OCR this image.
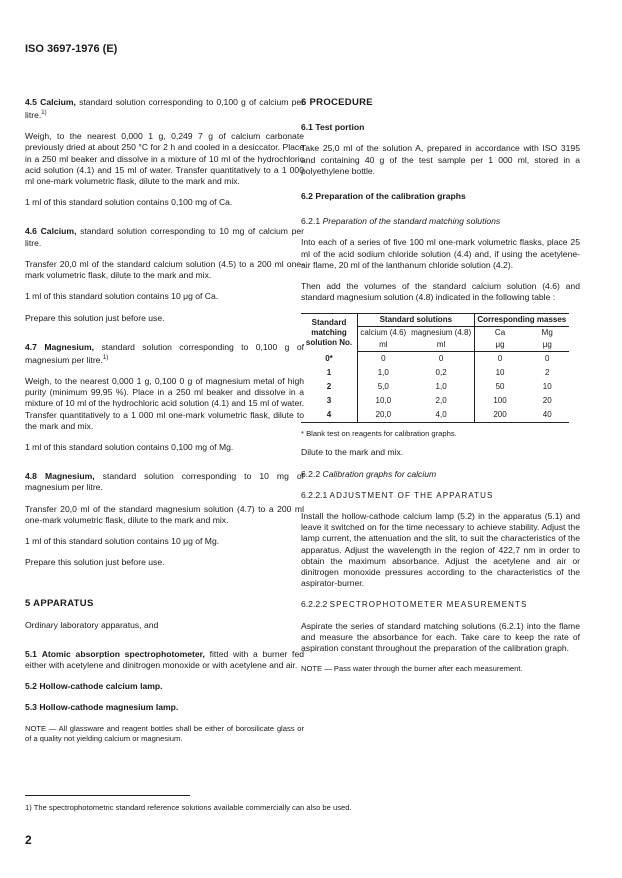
ISO 3697-1976 (E)

4.5 Calcium, standard solution corresponding to 0,100 g of calcium per litre.$^{1)}$

Weigh, to the nearest 0,000 1 g, 0,249 7 g of calcium carbonate previously dried at about 250 °C for 2 h and cooled in a desiccator. Place in a 250 ml beaker and dissolve in a mixture of 10 ml of the hydrochloric acid solution (4.1) and 15 ml of water. Transfer quantitatively to a 1 000 ml one-mark volumetric flask, dilute to the mark and mix.

1 ml of this standard solution contains 0,100 mg of Ca.

4.6 Calcium, standard solution corresponding to 10 mg of calcium per litre.

Transfer 20,0 ml of the standard calcium solution (4.5) to a 200 ml one-mark volumetric flask, dilute to the mark and mix.

1 ml of this standard solution contains 10 μg of Ca.

Prepare this solution just before use.

4.7 Magnesium, standard solution corresponding to 0,100 g of magnesium per litre.$^{1)}$

Weigh, to the nearest 0,000 1 g, 0,100 0 g of magnesium metal of high purity (minimum 99,95 %). Place in a 250 ml beaker and dissolve in a mixture of 10 ml of the hydrochloric acid solution (4.1) and 15 ml of water. Transfer quantitatively to a 1 000 ml one-mark volumetric flask, dilute to the mark and mix.

1 ml of this standard solution contains 0,100 mg of Mg.

4.8 Magnesium, standard solution corresponding to 10 mg of magnesium per litre.

Transfer 20,0 ml of the standard magnesium solution (4.7) to a 200 ml one-mark volumetric flask, dilute to the mark and mix.

1 ml of this standard solution contains 10 μg of Mg.

Prepare this solution just before use.

5 APPARATUS

Ordinary laboratory apparatus, and

5.1 Atomic absorption spectrophotometer, fitted with a burner fed either with acetylene and dinitrogen monoxide or with acetylene and air.

5.2 Hollow-cathode calcium lamp.

5.3 Hollow-cathode magnesium lamp.

NOTE — All glassware and reagent bottles shall be either of borosilicate glass or of a quality not yielding calcium or magnesium.

6 PROCEDURE

6.1 Test portion

Take 25,0 ml of the solution A, prepared in accordance with ISO 3195 and containing 40 g of the test sample per 1 000 ml, stored in a polyethylene bottle.

6.2 Preparation of the calibration graphs

6.2.1 Preparation of the standard matching solutions

Into each of a series of five 100 ml one-mark volumetric flasks, place 25 ml of the acid sodium chloride solution (4.4) and, if using the acetylene-air flame, 20 ml of the lanthanum chloride solution (4.2).

Then add the volumes of the standard calcium solution (4.6) and standard magnesium solution (4.8) indicated in the following table :

Standard matching solution No.	Standard solutions		Corresponding masses	
	calcium (4.6)	magnesium (4.8)	Ca	Mg
	ml	ml	μg	μg
0*	0	0	0	0
1	1,0	0,2	10	2
2	5,0	1,0	50	10
3	10,0	2,0	100	20
4	20,0	4,0	200	40

* Blank test on reagents for calibration graphs.

Dilute to the mark and mix.

6.2.2 Calibration graphs for calcium

6.2.2.1 ADJUSTMENT OF THE APPARATUS

Install the hollow-cathode calcium lamp (5.2) in the apparatus (5.1) and leave it switched on for the time necessary to achieve stability. Adjust the lamp current, the attenuation and the slit, to suit the characteristics of the apparatus. Adjust the wavelength in the region of 422,7 nm in order to obtain the maximum absorbance. Adjust the acetylene and air or dinitrogen monoxide pressures according to the characteristics of the aspirator-burner.

6.2.2.2 SPECTROPHOTOMETER MEASUREMENTS

Aspirate the series of standard matching solutions (6.2.1) into the flame and measure the absorbance for each. Take care to keep the rate of aspiration constant throughout the preparation of the calibration graph.

NOTE — Pass water through the burner after each measurement.

1) The spectrophotometric standard reference solutions available commercially can also be used.
2
